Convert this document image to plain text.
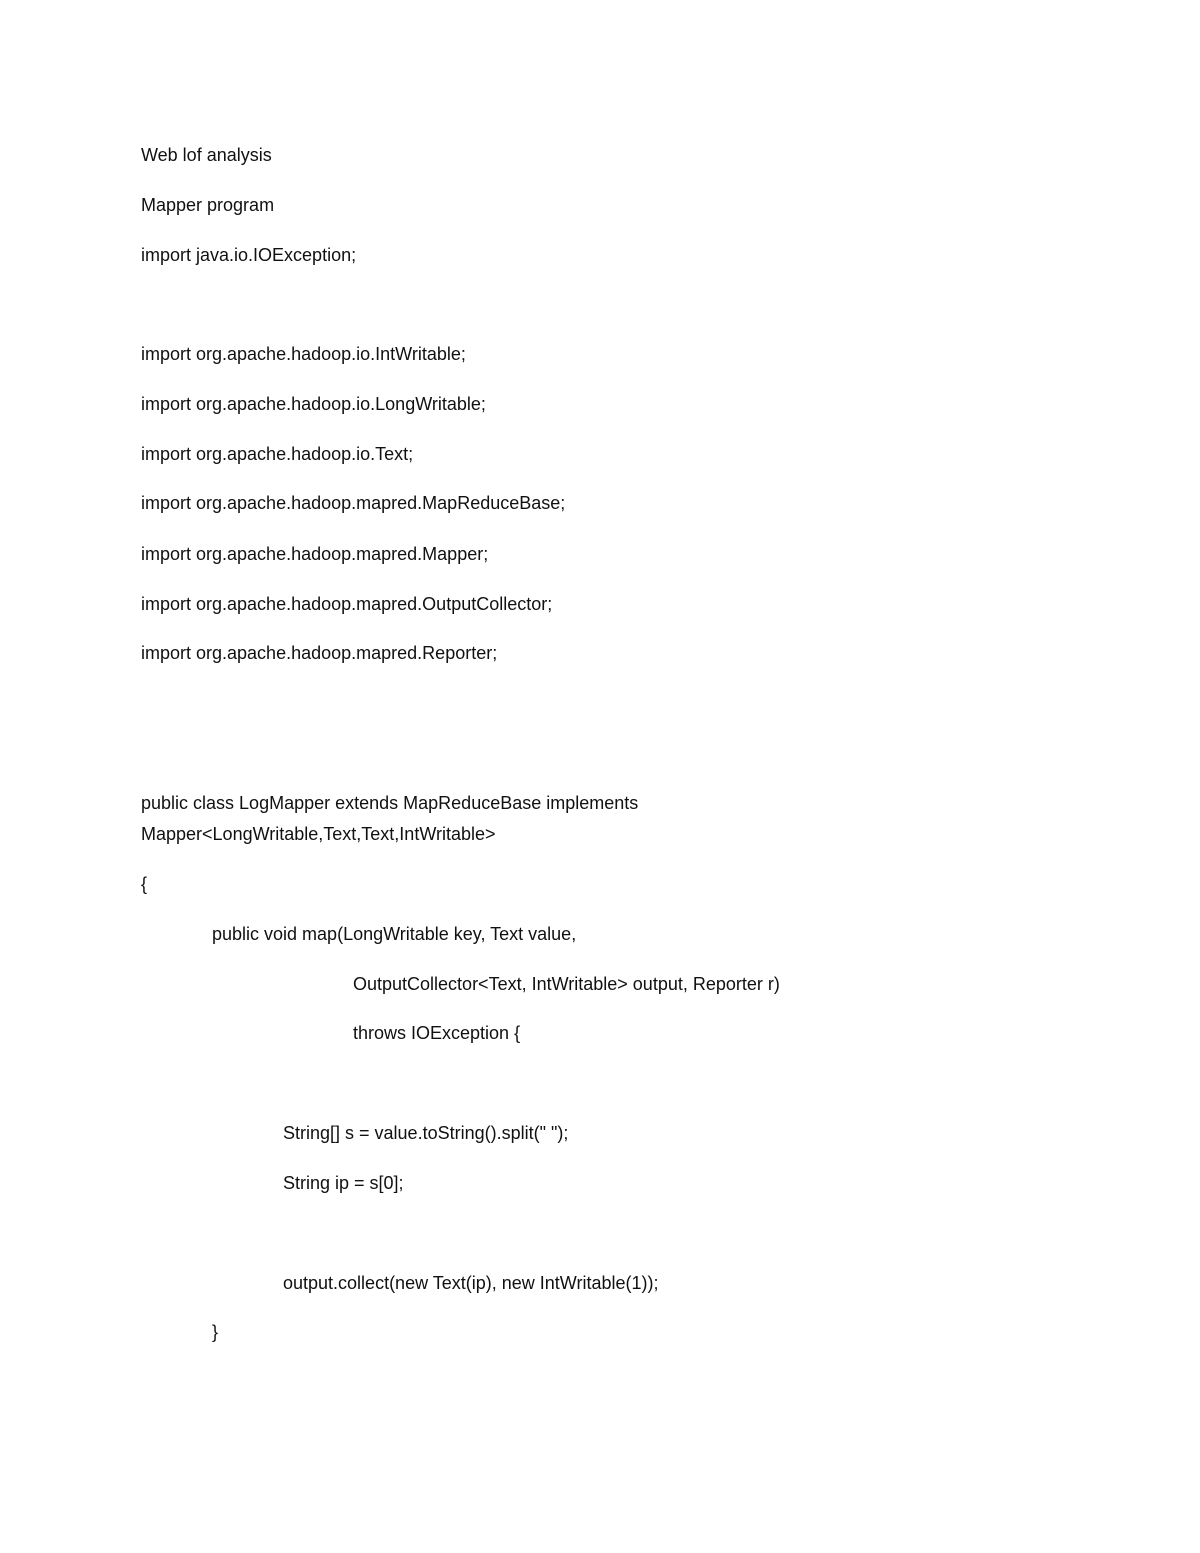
Web lof analysis
Mapper program
import java.io.IOException;
import org.apache.hadoop.io.IntWritable;
import org.apache.hadoop.io.LongWritable;
import org.apache.hadoop.io.Text;
import org.apache.hadoop.mapred.MapReduceBase;
import org.apache.hadoop.mapred.Mapper;
import org.apache.hadoop.mapred.OutputCollector;
import org.apache.hadoop.mapred.Reporter;
public class LogMapper extends MapReduceBase implements
Mapper<LongWritable,Text,Text,IntWritable>
{
public void map(LongWritable key, Text value,
OutputCollector<Text, IntWritable> output, Reporter r)
throws IOException {
String[] s = value.toString().split(" ");
String ip = s[0];
output.collect(new Text(ip), new IntWritable(1));
}
